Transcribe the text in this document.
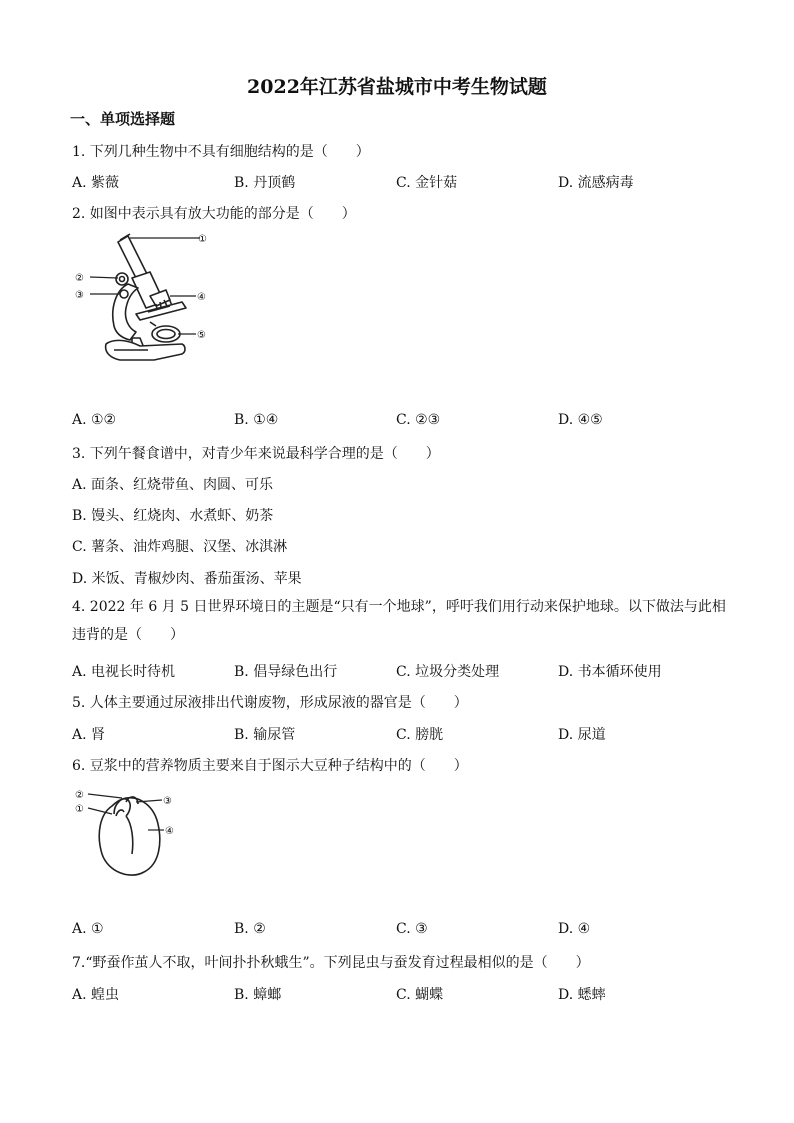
2022年江苏省盐城市中考生物试题
一、单项选择题
1. 下列几种生物中不具有细胞结构的是（　　）
A. 紫薇	B. 丹顶鹤	C. 金针菇	D. 流感病毒
2. 如图中表示具有放大功能的部分是（　　）
①
②
③	④
⑤
A. ①②	B. ①④	C. ②③	D. ④⑤
3. 下列午餐食谱中，对青少年来说最科学合理的是（　　）
A. 面条、红烧带鱼、肉圆、可乐
B. 馒头、红烧肉、水煮虾、奶茶
C. 薯条、油炸鸡腿、汉堡、冰淇淋
D. 米饭、青椒炒肉、番茄蛋汤、苹果
4. 2022 年 6 月 5 日世界环境日的主题是“只有一个地球”，呼吁我们用行动来保护地球。以下做法与此相违背的是（　　）
A. 电视长时待机	B. 倡导绿色出行	C. 垃圾分类处理	D. 书本循环使用
5. 人体主要通过尿液排出代谢废物，形成尿液的器官是（　　）
A. 肾	B. 输尿管	C. 膀胱	D. 尿道
6. 豆浆中的营养物质主要来自于图示大豆种子结构中的（　　）
②
①
③
④
A. ①	B. ②	C. ③	D. ④
7.“野蚕作茧人不取，叶间扑扑秋蛾生”。下列昆虫与蚕发育过程最相似的是（　　）
A. 蝗虫	B. 蟑螂	C. 蝴蝶	D. 蟋蟀
